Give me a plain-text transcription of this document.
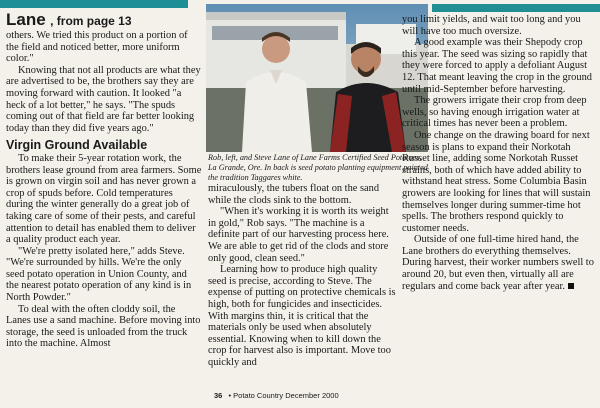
Lane , from page 13

others. We tried this product on a portion of the field and noticed better, more uniform color."

Knowing that not all products are what they are advertised to be, the brothers say they are moving forward with caution. It looked "a heck of a lot better," he says. "The spuds coming out of that field are far better looking today than they did five years ago."

Virgin Ground Available

To make their 5-year rotation work, the brothers lease ground from area farmers. Some is grown on virgin soil and has never grown a crop of spuds before. Cold temperatures during the winter generally do a great job of taking care of some of their pests, and careful attention to detail has enabled them to deliver a quality product each year.

"We're pretty isolated here," adds Steve. "We're surrounded by hills. We're the only seed potato operation in Union County, and the nearest potato operation of any kind is in North Powder."

To deal with the often cloddy soil, the Lanes use a sand machine. Before moving into storage, the seed is unloaded from the truck into the machine. Almost

Rob, left, and Steve Lane of Lane Farms Certified Seed Potatoes, La Grande, Ore. In back is seed potato planting equipment painted the tradition Taggares white.

miraculously, the tubers float on the sand while the clods sink to the bottom.

"When it's working it is worth its weight in gold," Rob says. "The machine is a definite part of our harvesting process here. We are able to get rid of the clods and store only good, clean seed."

Learning how to produce high quality seed is precise, according to Steve. The expense of putting on protective chemicals is high, both for fungicides and insecticides. With margins thin, it is critical that the materials only be used when absolutely essential. Knowing when to kill down the crop for harvest also is important. Move too quickly and

you limit yields, and wait too long and you will have too much oversize.

A good example was their Shepody crop this year. The seed was sizing so rapidly that they were forced to apply a defoliant August 12. That meant leaving the crop in the ground until mid-September before harvesting.

The growers irrigate their crop from deep wells, so having enough irrigation water at critical times has never been a problem.

One change on the drawing board for next season is plans to expand their Norkotah Russet line, adding some Norkotah Russet strains, both of which have added ability to withstand heat stress. Some Columbia Basin growers are looking for lines that will sustain themselves longer during summer-time hot spells. The brothers respond quickly to customer needs.

Outside of one full-time hired hand, the Lane brothers do everything themselves. During harvest, their worker numbers swell to around 20, but even then, virtually all are regulars and come back year after year.

36 • Potato Country December 2000
